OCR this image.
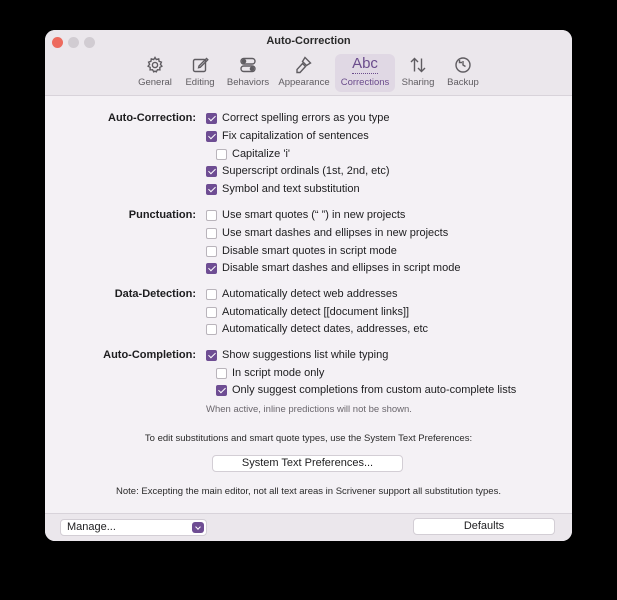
Auto-Correction
General Editing Behaviors Appearance
Abc
Corrections Sharing Backup
Auto-Correction: Correct spelling errors as you type
Fix capitalization of sentences
Capitalize 'i'
Superscript ordinals (1st, 2nd, etc)
Symbol and text substitution
Punctuation: Use smart quotes (“ ”) in new projects
Use smart dashes and ellipses in new projects
Disable smart quotes in script mode
Disable smart dashes and ellipses in script mode
Data-Detection: Automatically detect web addresses
Automatically detect [[document links]]
Automatically detect dates, addresses, etc
Auto-Completion: Show suggestions list while typing
In script mode only
Only suggest completions from custom auto-complete lists
When active, inline predictions will not be shown.
To edit substitutions and smart quote types, use the System Text Preferences:
System Text Preferences...
Note: Excepting the main editor, not all text areas in Scrivener support all substitution types.
Manage...	Defaults
